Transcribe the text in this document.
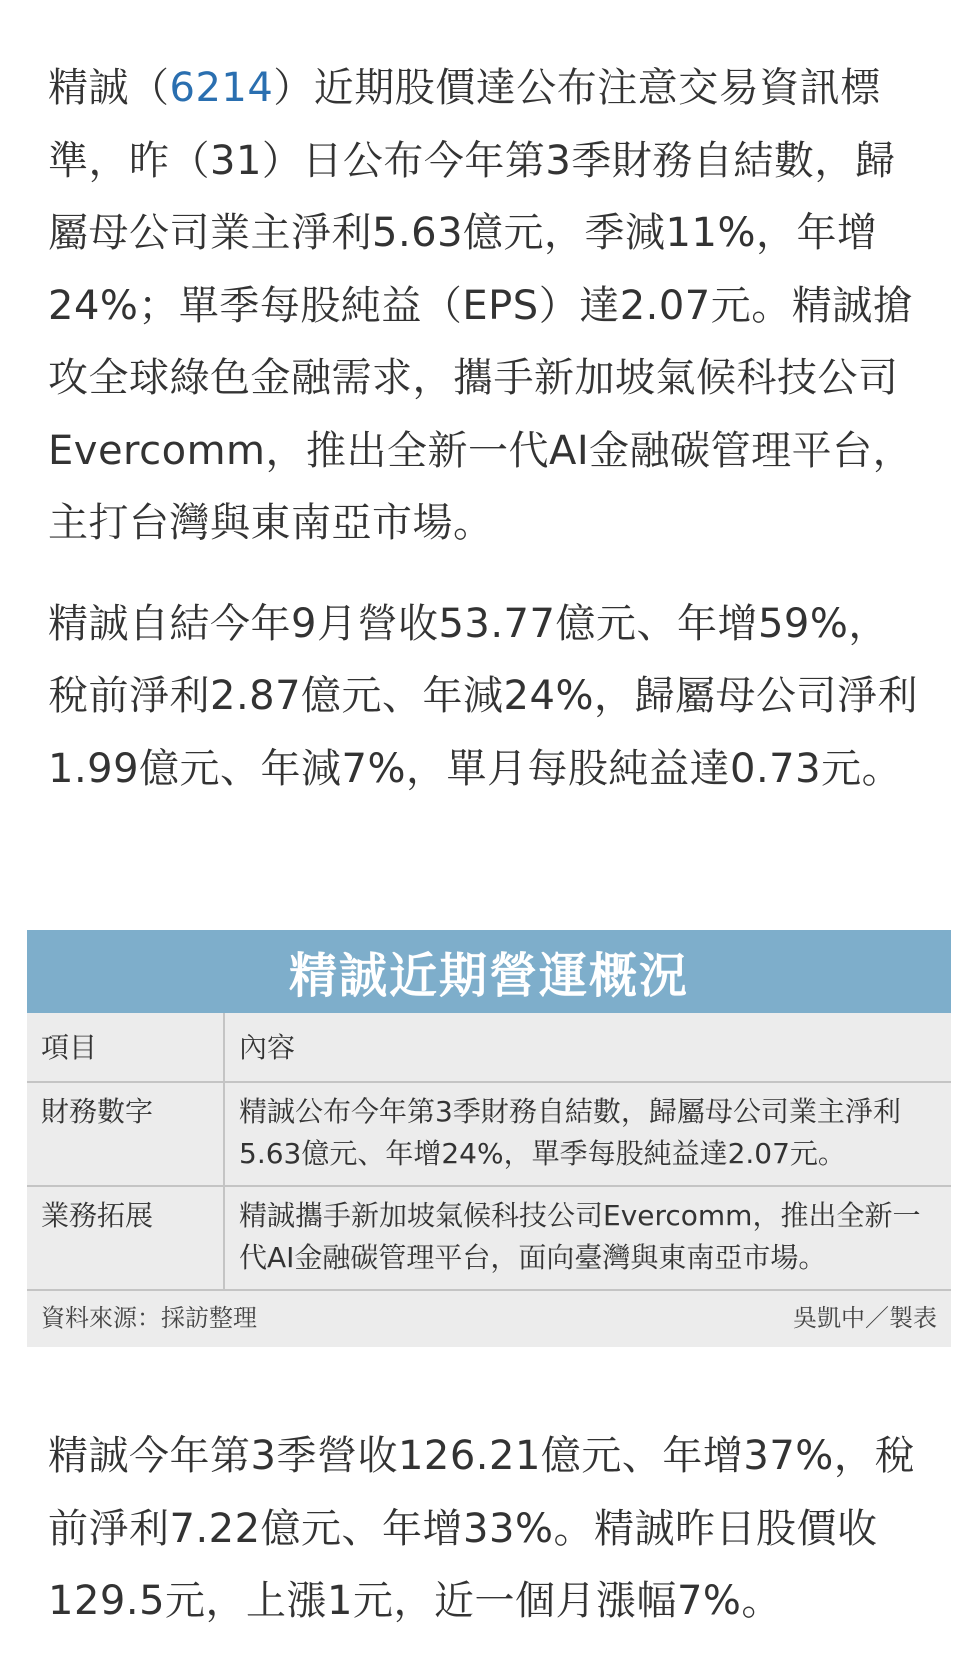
精誠（6214）近期股價達公布注意交易資訊標準，昨（31）日公布今年第3季財務自結數，歸屬母公司業主淨利5.63億元，季減11%，年增24%；單季每股純益（EPS）達2.07元。精誠搶攻全球綠色金融需求，攜手新加坡氣候科技公司Evercomm，推出全新一代AI金融碳管理平台，主打台灣與東南亞市場。

精誠自結今年9月營收53.77億元、年增59%，稅前淨利2.87億元、年減24%，歸屬母公司淨利1.99億元、年減7%，單月每股純益達0.73元。

精誠近期營運概況
項目	內容
財務數字	精誠公布今年第3季財務自結數，歸屬母公司業主淨利5.63億元、年增24%，單季每股純益達2.07元。
業務拓展	精誠攜手新加坡氣候科技公司Evercomm，推出全新一代AI金融碳管理平台，面向臺灣與東南亞市場。
資料來源：採訪整理	吳凱中／製表

精誠今年第3季營收126.21億元、年增37%，稅前淨利7.22億元、年增33%。精誠昨日股價收129.5元，上漲1元，近一個月漲幅7%。
